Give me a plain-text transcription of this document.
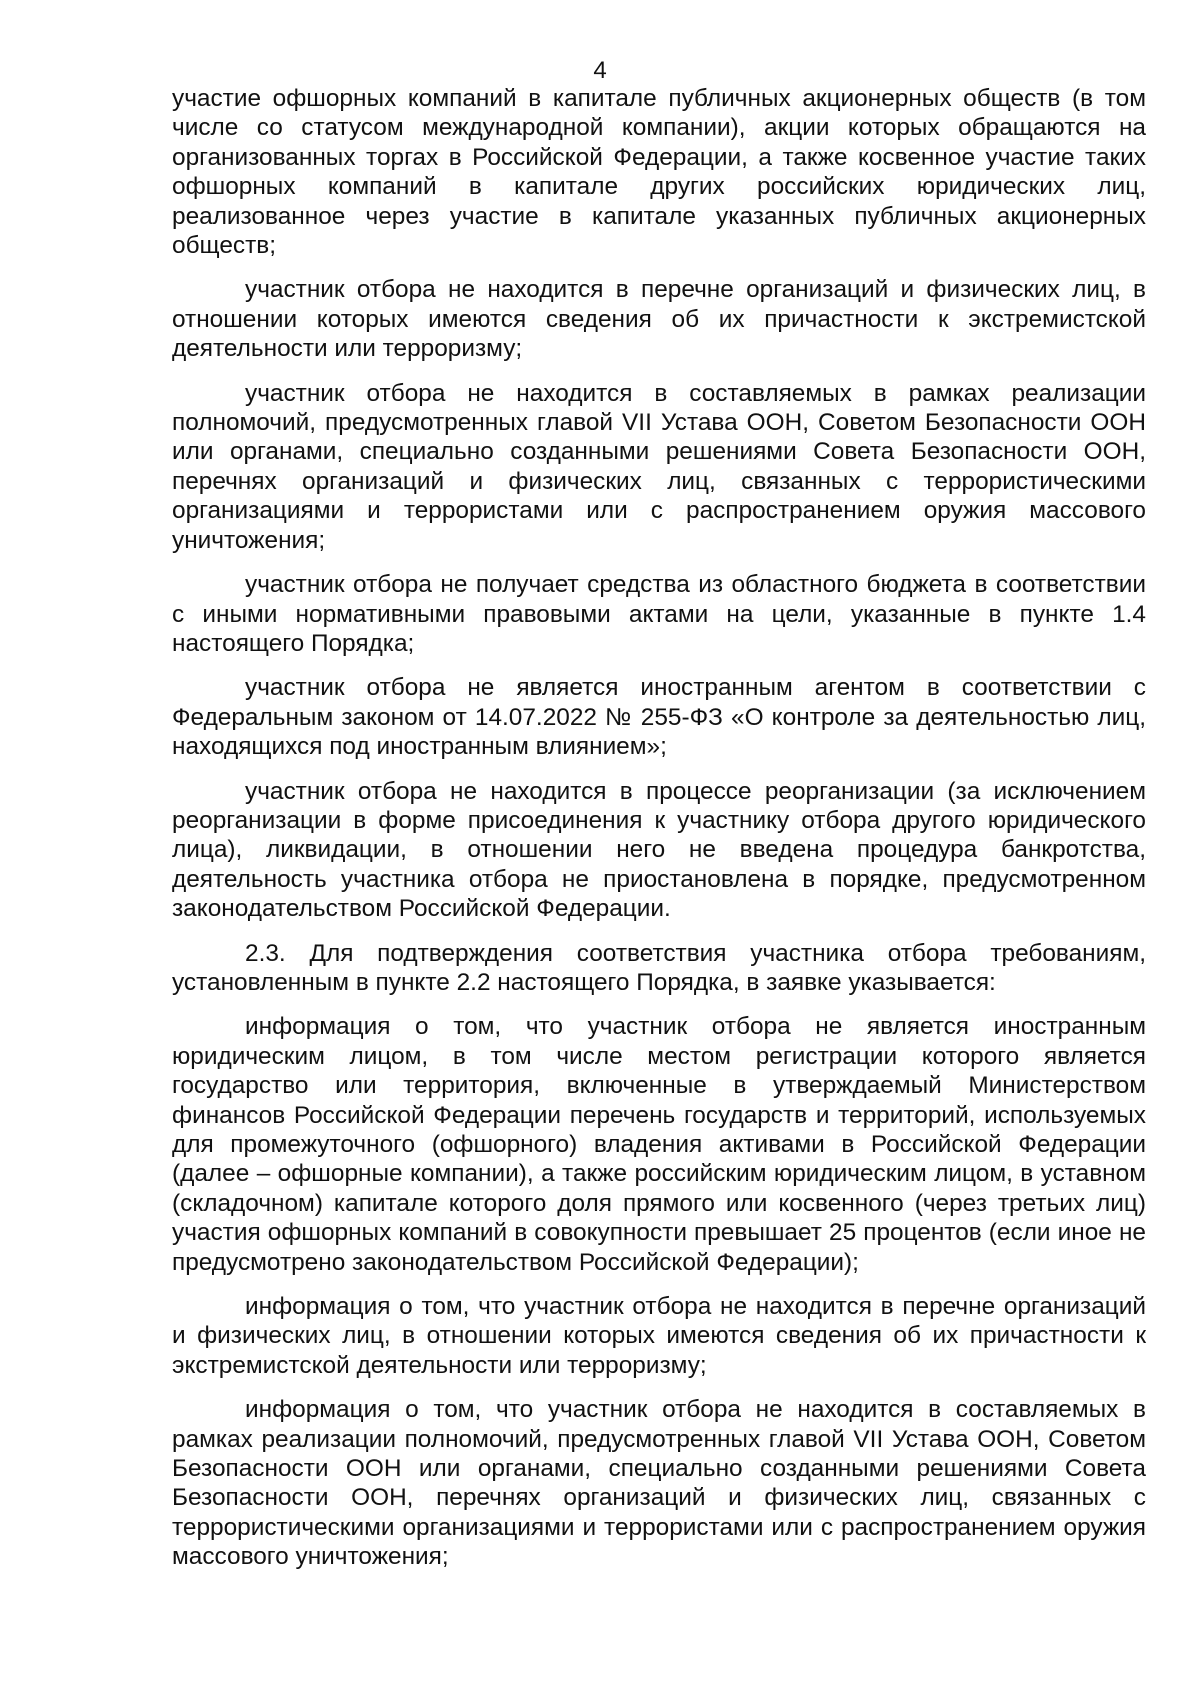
4

участие офшорных компаний в капитале публичных акционерных обществ (в том числе со статусом международной компании), акции которых обращаются на организованных торгах в Российской Федерации, а также косвенное участие таких офшорных компаний в капитале других российских юридических лиц, реализованное через участие в капитале указанных публичных акционерных обществ;

участник отбора не находится в перечне организаций и физических лиц, в отношении которых имеются сведения об их причастности к экстремистской деятельности или терроризму;

участник отбора не находится в составляемых в рамках реализации полномочий, предусмотренных главой VII Устава ООН, Советом Безопасности ООН или органами, специально созданными решениями Совета Безопасности ООН, перечнях организаций и физических лиц, связанных с террористическими организациями и террористами или с распространением оружия массового уничтожения;

участник отбора не получает средства из областного бюджета в соответствии с иными нормативными правовыми актами на цели, указанные в пункте 1.4 настоящего Порядка;

участник отбора не является иностранным агентом в соответствии с Федеральным законом от 14.07.2022 № 255-ФЗ «О контроле за деятельностью лиц, находящихся под иностранным влиянием»;

участник отбора не находится в процессе реорганизации (за исключением реорганизации в форме присоединения к участнику отбора другого юридического лица), ликвидации, в отношении него не введена процедура банкротства, деятельность участника отбора не приостановлена в порядке, предусмотренном законодательством Российской Федерации.

2.3. Для подтверждения соответствия участника отбора требованиям, установленным в пункте 2.2 настоящего Порядка, в заявке указывается:

информация о том, что участник отбора не является иностранным юридическим лицом, в том числе местом регистрации которого является государство или территория, включенные в утверждаемый Министерством финансов Российской Федерации перечень государств и территорий, используемых для промежуточного (офшорного) владения активами в Российской Федерации (далее – офшорные компании), а также российским юридическим лицом, в уставном (складочном) капитале которого доля прямого или косвенного (через третьих лиц) участия офшорных компаний в совокупности превышает 25 процентов (если иное не предусмотрено законодательством Российской Федерации);

информация о том, что участник отбора не находится в перечне организаций и физических лиц, в отношении которых имеются сведения об их причастности к экстремистской деятельности или терроризму;

информация о том, что участник отбора не находится в составляемых в рамках реализации полномочий, предусмотренных главой VII Устава ООН, Советом Безопасности ООН или органами, специально созданными решениями Совета Безопасности ООН, перечнях организаций и физических лиц, связанных с террористическими организациями и террористами или с распространением оружия массового уничтожения;
